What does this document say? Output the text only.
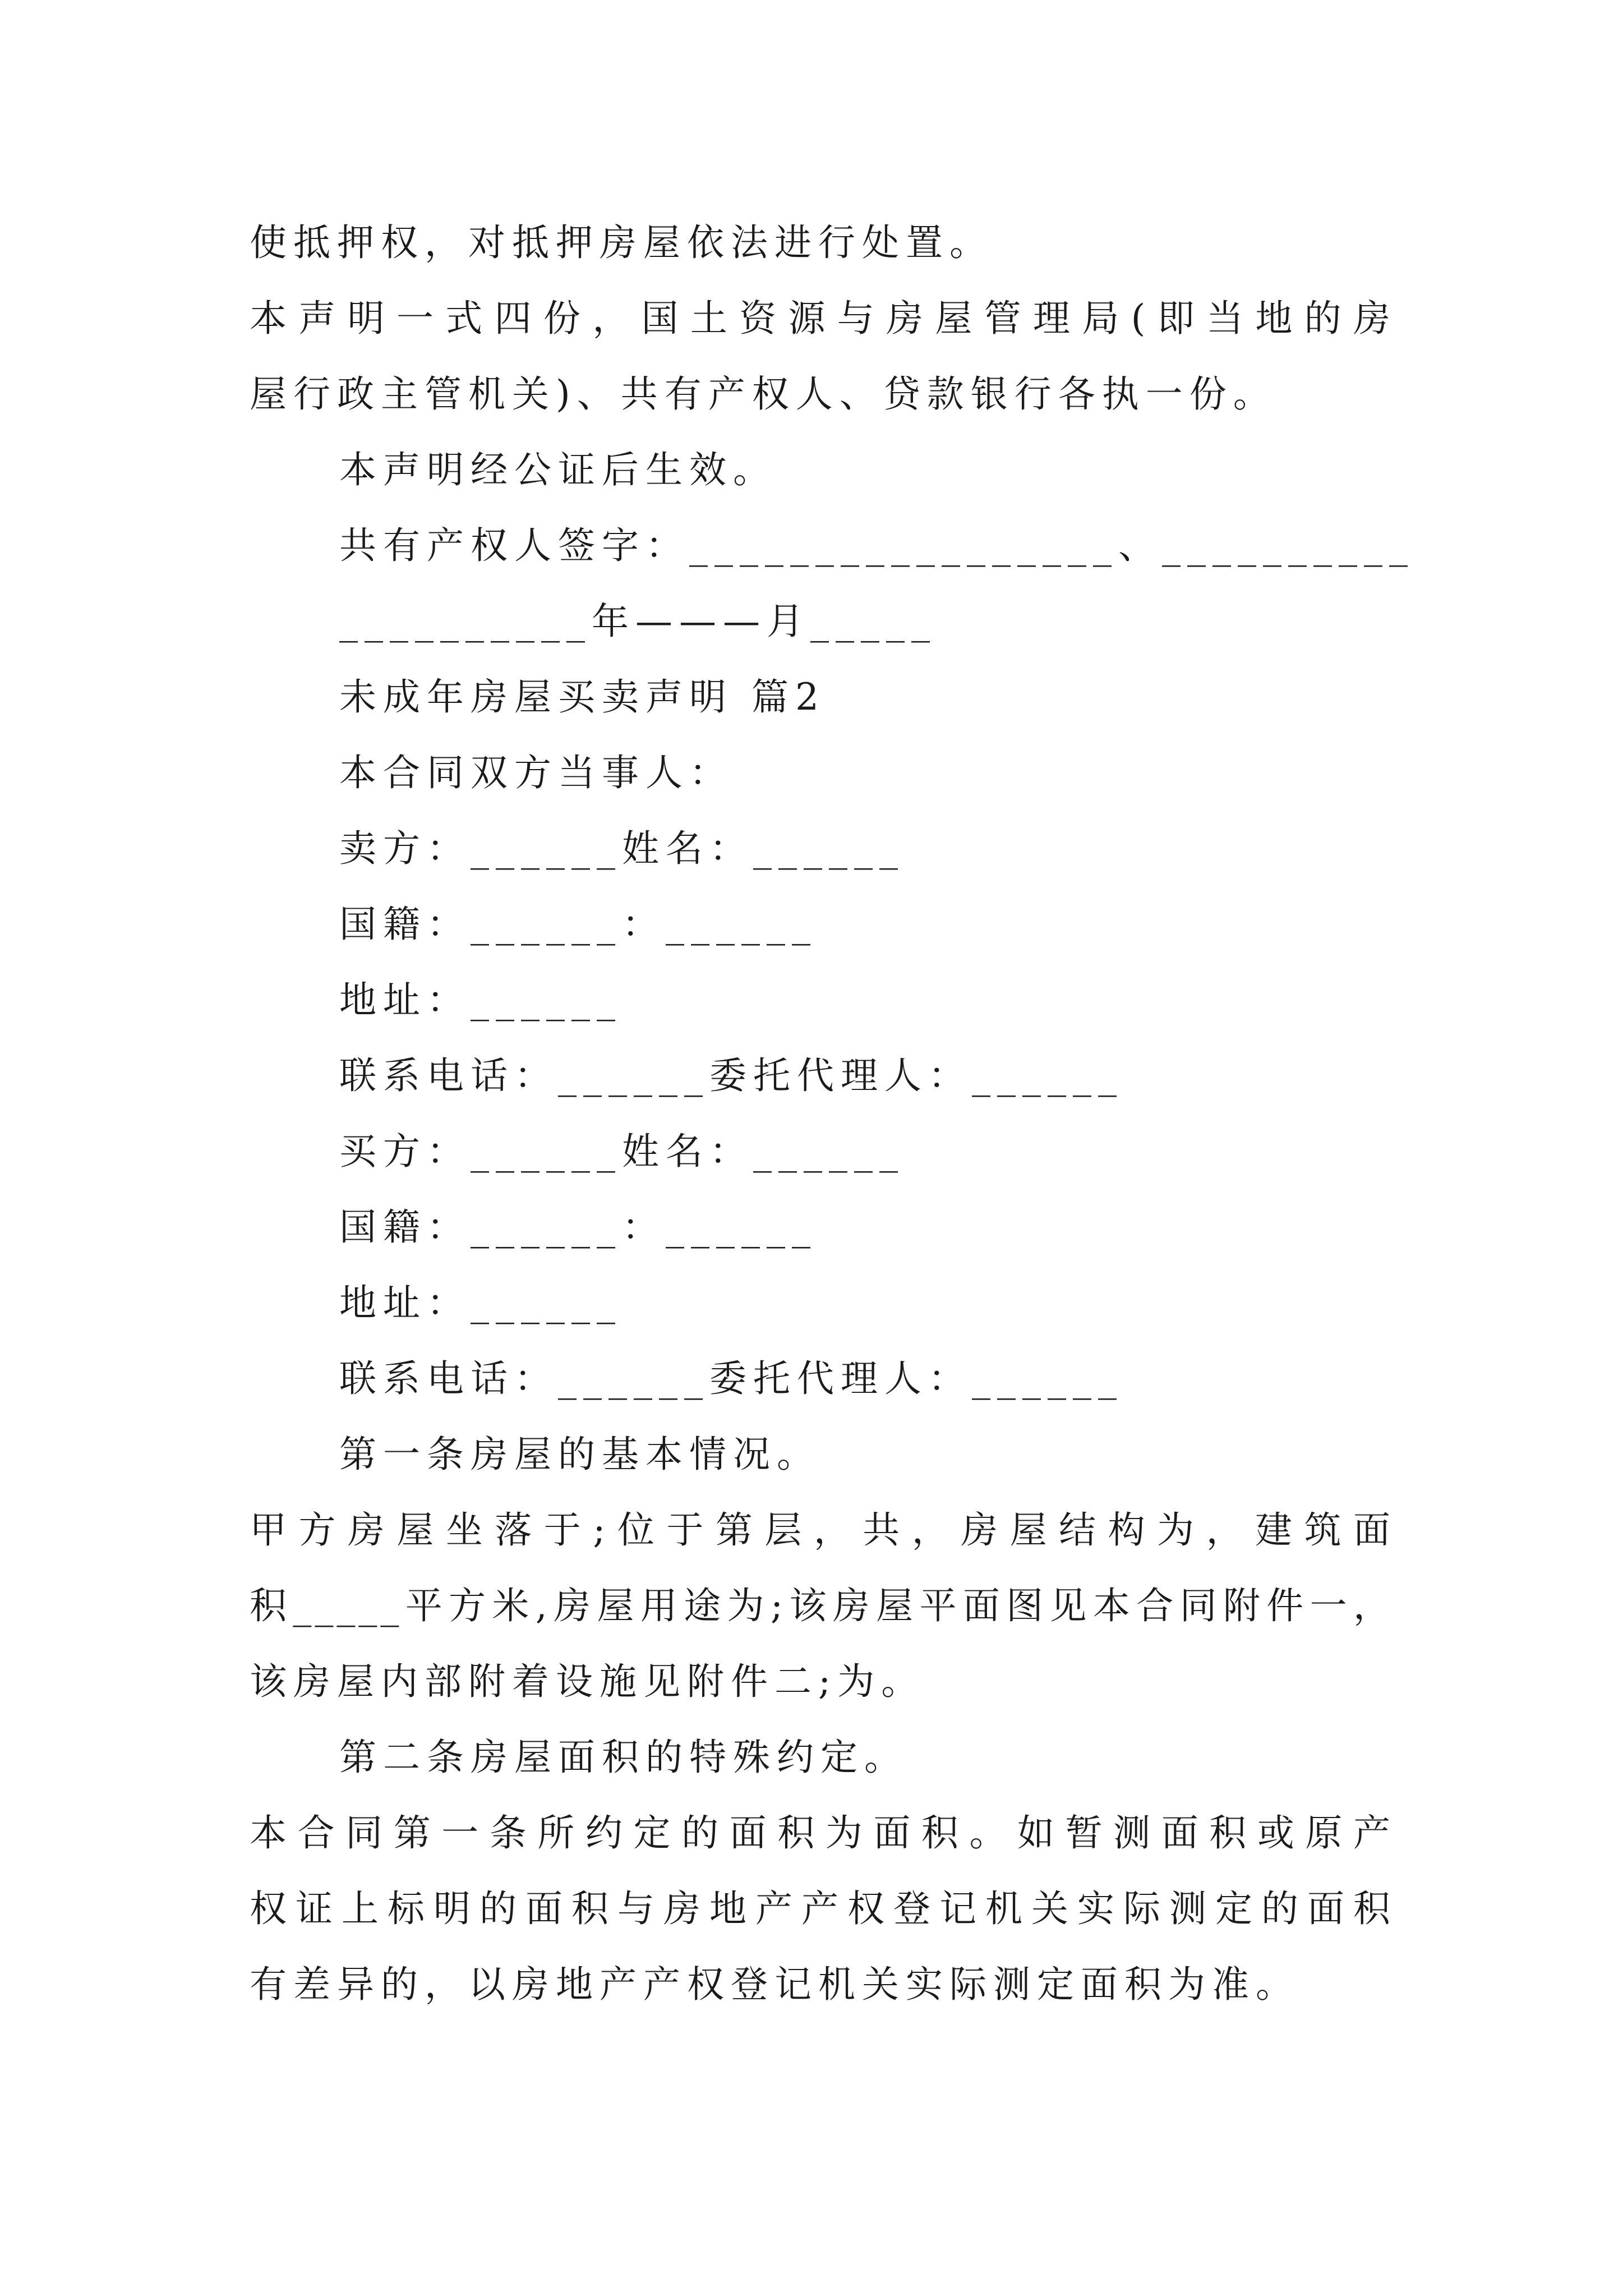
使抵押权，对抵押房屋依法进行处置。
本声明一式四份，国土资源与房屋管理局(即当地的房
屋行政主管机关)、共有产权人、贷款银行各执一份。
本声明经公证后生效。
共有产权人签字：_________________、__________
__________年———月_____
未成年房屋买卖声明 篇2
本合同双方当事人：
卖方：______姓名：______
国籍：______：______
地址：______
联系电话：______委托代理人：______
买方：______姓名：______
国籍：______：______
地址：______
联系电话：______委托代理人：______
第一条房屋的基本情况。
甲方房屋坐落于;位于第层，共，房屋结构为，建筑面
积_____平方米,房屋用途为;该房屋平面图见本合同附件一，
该房屋内部附着设施见附件二;为。
第二条房屋面积的特殊约定。
本合同第一条所约定的面积为面积。如暂测面积或原产
权证上标明的面积与房地产产权登记机关实际测定的面积
有差异的，以房地产产权登记机关实际测定面积为准。
